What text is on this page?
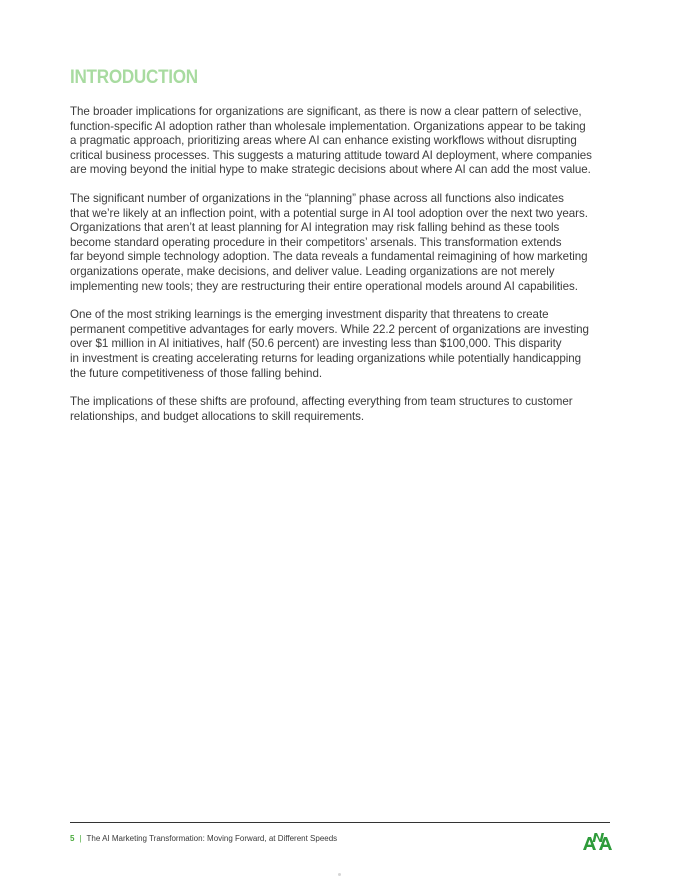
INTRODUCTION

The broader implications for organizations are significant, as there is now a clear pattern of selective,
function-specific AI adoption rather than wholesale implementation. Organizations appear to be taking
a pragmatic approach, prioritizing areas where AI can enhance existing workflows without disrupting
critical business processes. This suggests a maturing attitude toward AI deployment, where companies
are moving beyond the initial hype to make strategic decisions about where AI can add the most value.

The significant number of organizations in the “planning” phase across all functions also indicates
that we’re likely at an inflection point, with a potential surge in AI tool adoption over the next two years.
Organizations that aren’t at least planning for AI integration may risk falling behind as these tools
become standard operating procedure in their competitors’ arsenals. This transformation extends
far beyond simple technology adoption. The data reveals a fundamental reimagining of how marketing
organizations operate, make decisions, and deliver value. Leading organizations are not merely
implementing new tools; they are restructuring their entire operational models around AI capabilities.

One of the most striking learnings is the emerging investment disparity that threatens to create
permanent competitive advantages for early movers. While 22.2 percent of organizations are investing
over $1 million in AI initiatives, half (50.6 percent) are investing less than $100,000. This disparity
in investment is creating accelerating returns for leading organizations while potentially handicapping
the future competitiveness of those falling behind.

The implications of these shifts are profound, affecting everything from team structures to customer
relationships, and budget allocations to skill requirements.

5 | The AI Marketing Transformation: Moving Forward, at Different Speeds
